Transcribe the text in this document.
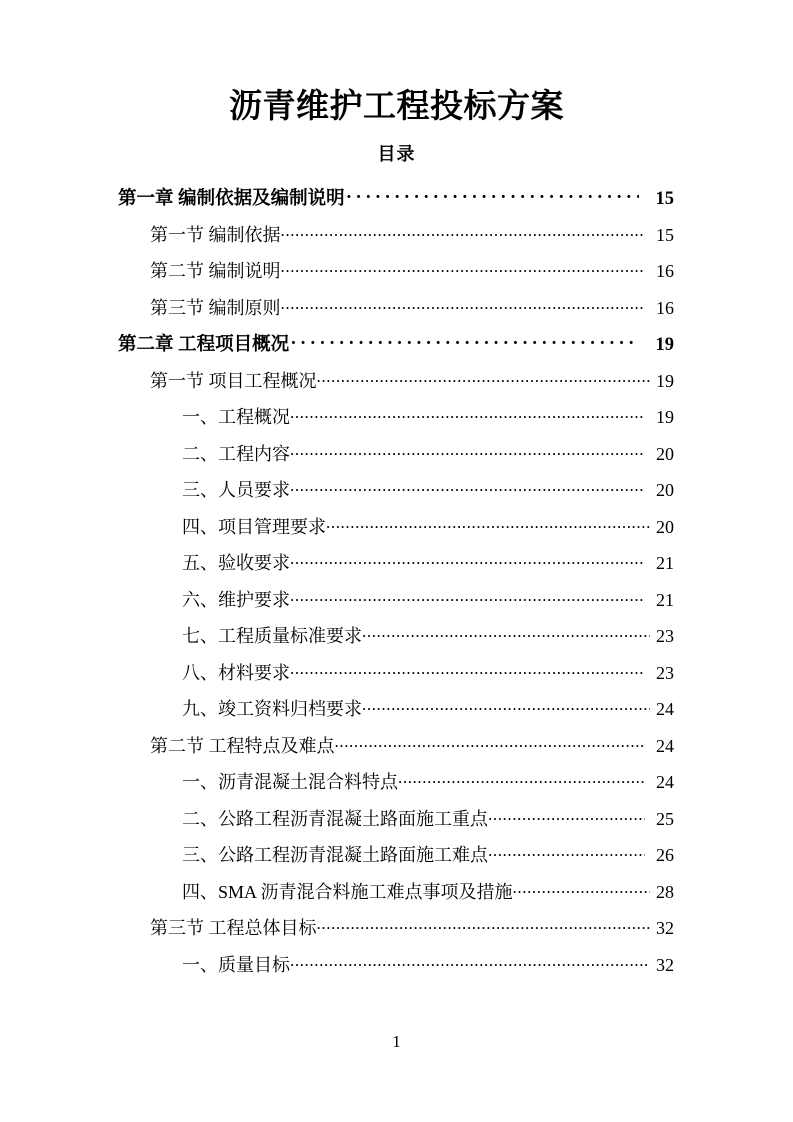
沥青维护工程投标方案
目录
第一章 编制依据及编制说明 . . .	15
第一节 编制依据 .....	15
第二节 编制说明 .....	16
第三节 编制原则 .....	16
第二章 工程项目概况 . . .	19
第一节 项目工程概况 .....	19
一、工程概况 .....	19
二、工程内容 .....	20
三、人员要求 .....	20
四、项目管理要求 .....	20
五、验收要求 .....	21
六、维护要求 .....	21
七、工程质量标准要求 .....	23
八、材料要求 .....	23
九、竣工资料归档要求 .....	24
第二节 工程特点及难点 .....	24
一、沥青混凝土混合料特点 .....	24
二、公路工程沥青混凝土路面施工重点 .....	25
三、公路工程沥青混凝土路面施工难点 .....	26
四、SMA 沥青混合料施工难点事项及措施 .....	28
第三节 工程总体目标 .....	32
一、质量目标 .....	32
1
